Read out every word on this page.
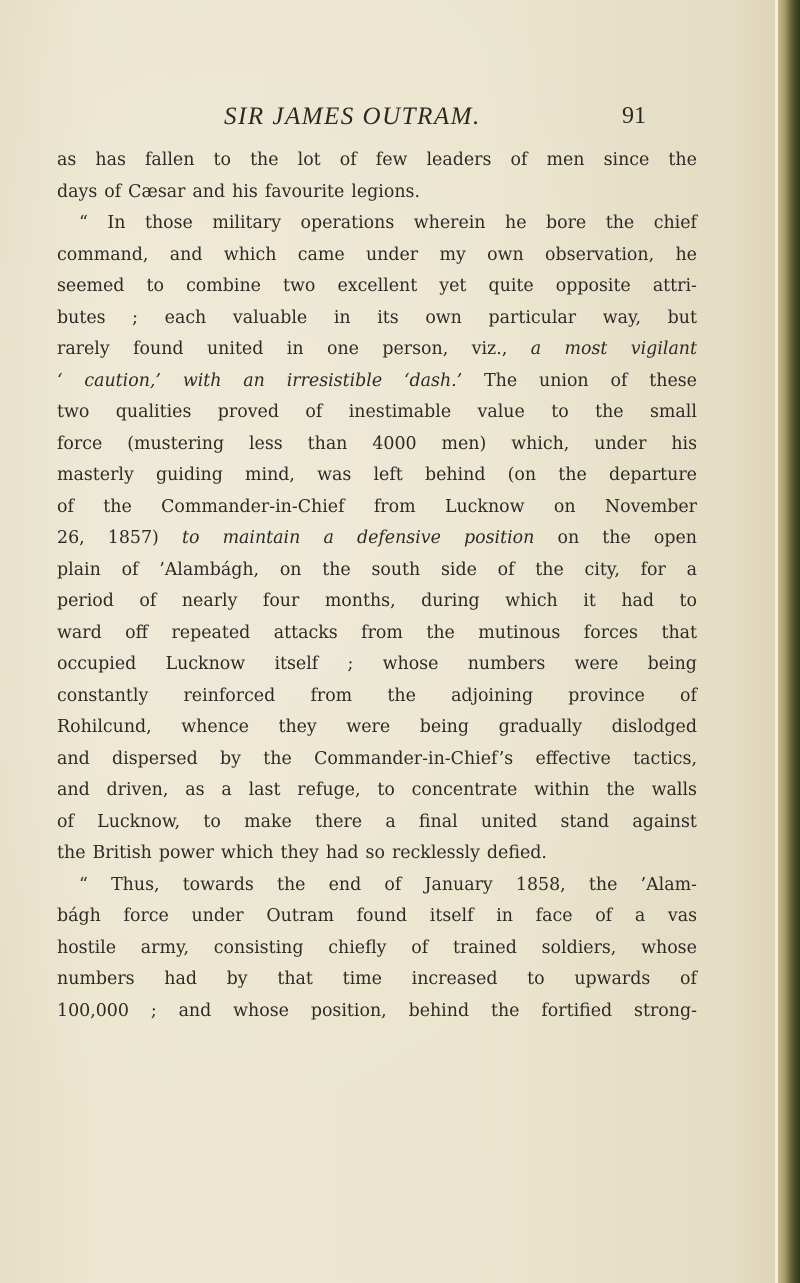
SIR JAMES OUTRAM.	91
as has fallen to the lot of few leaders of men since the
days of Cæsar and his favourite legions.
“ In those military operations wherein he bore the chief
command, and which came under my own observation, he
seemed to combine two excellent yet quite opposite attri-
butes ; each valuable in its own particular way, but
rarely found united in one person, viz., a most vigilant
‘ caution,’ with an irresistible ‘dash.’ The union of these
two qualities proved of inestimable value to the small
force (mustering less than 4000 men) which, under his
masterly guiding mind, was left behind (on the departure
of the Commander-in-Chief from Lucknow on November
26, 1857) to maintain a defensive position on the open
plain of ’Alambágh, on the south side of the city, for a
period of nearly four months, during which it had to
ward off repeated attacks from the mutinous forces that
occupied Lucknow itself ; whose numbers were being
constantly reinforced from the adjoining province of
Rohilcund, whence they were being gradually dislodged
and dispersed by the Commander-in-Chief’s effective tactics,
and driven, as a last refuge, to concentrate within the walls
of Lucknow, to make there a final united stand against
the British power which they had so recklessly defied.
“ Thus, towards the end of January 1858, the ’Alam-
bágh force under Outram found itself in face of a vas
hostile army, consisting chiefly of trained soldiers, whose
numbers had by that time increased to upwards of
100,000 ; and whose position, behind the fortified strong-
